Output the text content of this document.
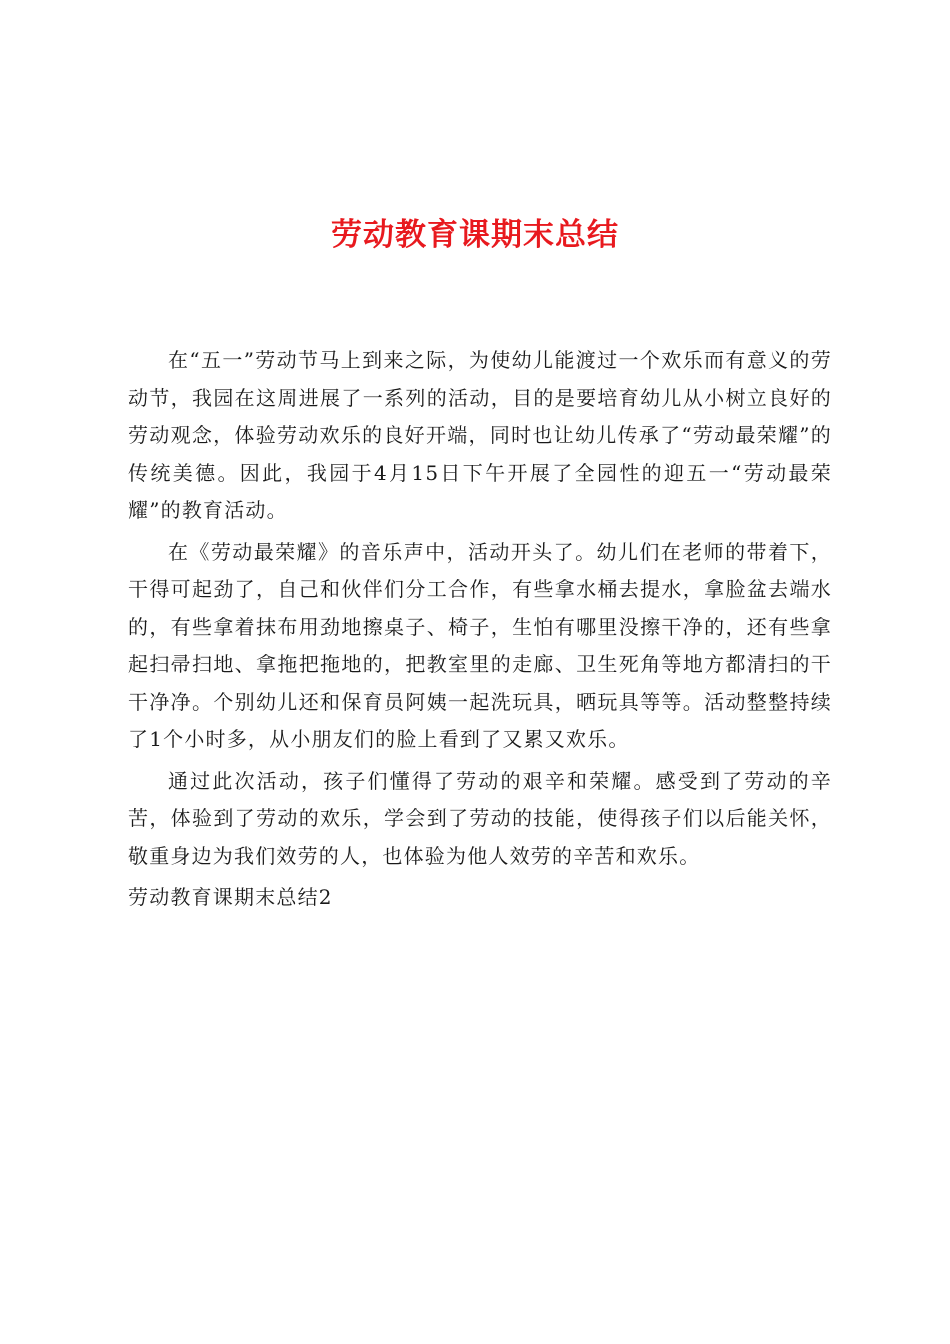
劳动教育课期末总结

在“五一”劳动节马上到来之际，为使幼儿能渡过一个欢乐而有意义的劳动节，我园在这周进展了一系列的活动，目的是要培育幼儿从小树立良好的劳动观念，体验劳动欢乐的良好开端，同时也让幼儿传承了“劳动最荣耀”的传统美德。因此，我园于4月15日下午开展了全园性的迎五一“劳动最荣耀”的教育活动。

在《劳动最荣耀》的音乐声中，活动开头了。幼儿们在老师的带着下，干得可起劲了，自己和伙伴们分工合作，有些拿水桶去提水，拿脸盆去端水的，有些拿着抹布用劲地擦桌子、椅子，生怕有哪里没擦干净的，还有些拿起扫帚扫地、拿拖把拖地的，把教室里的走廊、卫生死角等地方都清扫的干干净净。个别幼儿还和保育员阿姨一起洗玩具，晒玩具等等。活动整整持续了1个小时多，从小朋友们的脸上看到了又累又欢乐。

通过此次活动，孩子们懂得了劳动的艰辛和荣耀。感受到了劳动的辛苦，体验到了劳动的欢乐，学会到了劳动的技能，使得孩子们以后能关怀，敬重身边为我们效劳的人，也体验为他人效劳的辛苦和欢乐。

劳动教育课期末总结2
